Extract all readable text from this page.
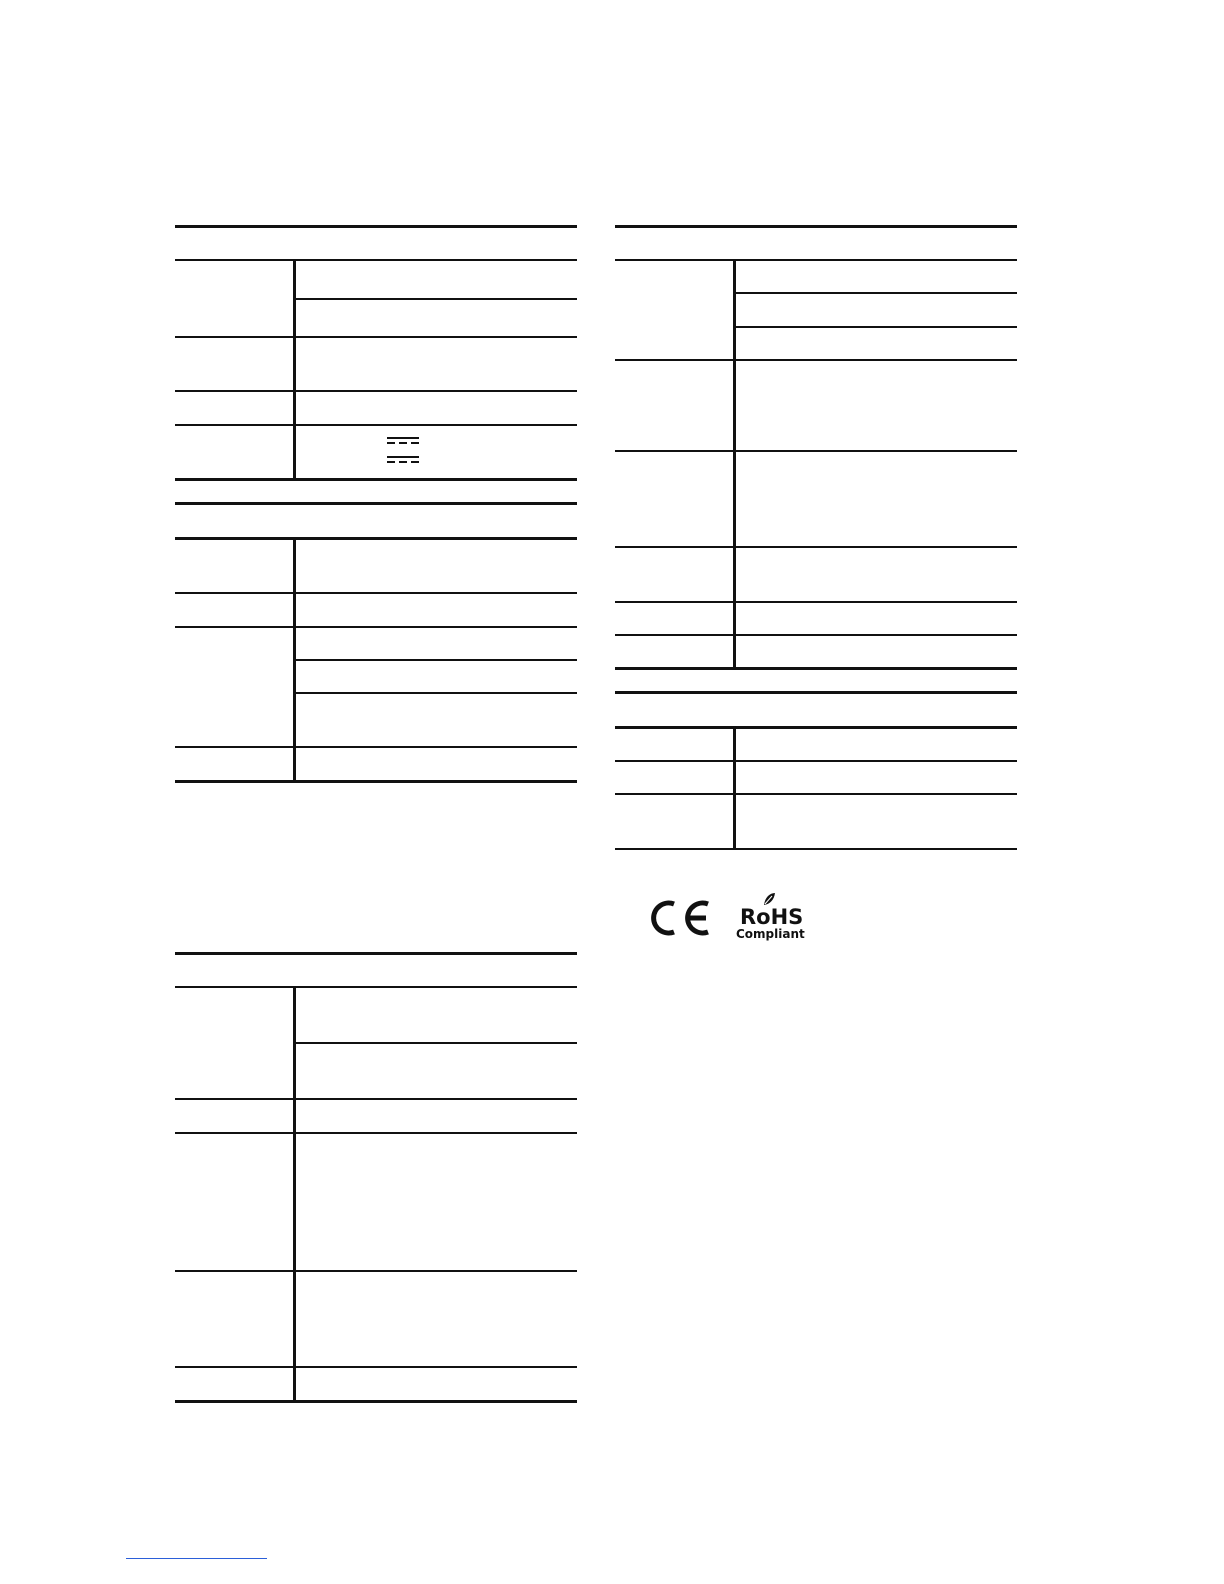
RoHS
Compliant
